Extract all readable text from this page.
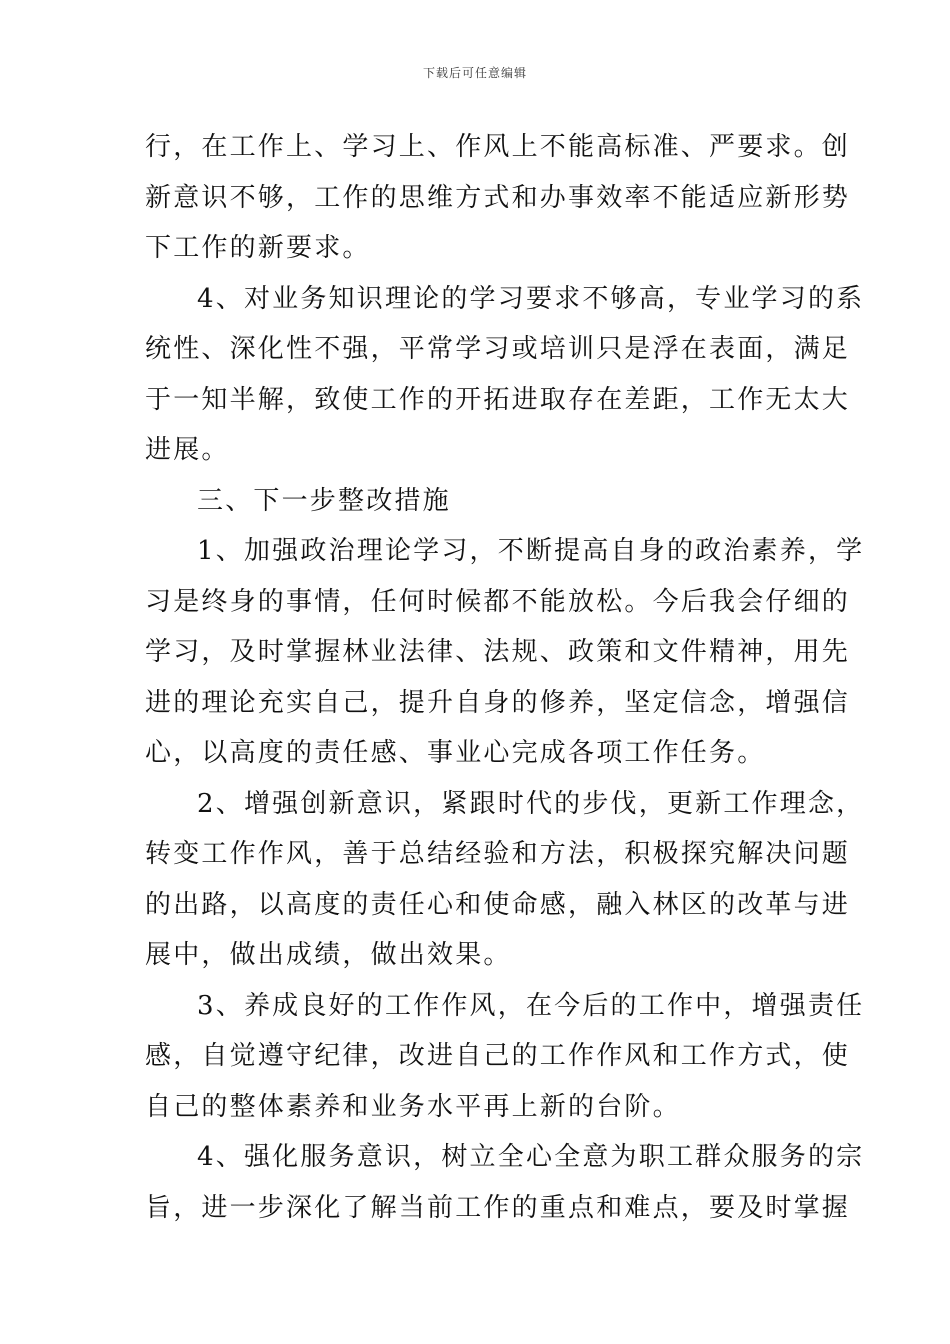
下载后可任意编辑
行，在工作上、学习上、作风上不能高标准、严要求。创
新意识不够，工作的思维方式和办事效率不能适应新形势
下工作的新要求。
4、对业务知识理论的学习要求不够高，专业学习的系
统性、深化性不强，平常学习或培训只是浮在表面，满足
于一知半解，致使工作的开拓进取存在差距，工作无太大
进展。
三、下一步整改措施
1、加强政治理论学习，不断提高自身的政治素养，学
习是终身的事情，任何时候都不能放松。今后我会仔细的
学习，及时掌握林业法律、法规、政策和文件精神，用先
进的理论充实自己，提升自身的修养，坚定信念，增强信
心，以高度的责任感、事业心完成各项工作任务。
2、增强创新意识，紧跟时代的步伐，更新工作理念，
转变工作作风，善于总结经验和方法，积极探究解决问题
的出路，以高度的责任心和使命感，融入林区的改革与进
展中，做出成绩，做出效果。
3、养成良好的工作作风，在今后的工作中，增强责任
感，自觉遵守纪律，改进自己的工作作风和工作方式，使
自己的整体素养和业务水平再上新的台阶。
4、强化服务意识，树立全心全意为职工群众服务的宗
旨，进一步深化了解当前工作的重点和难点，要及时掌握
